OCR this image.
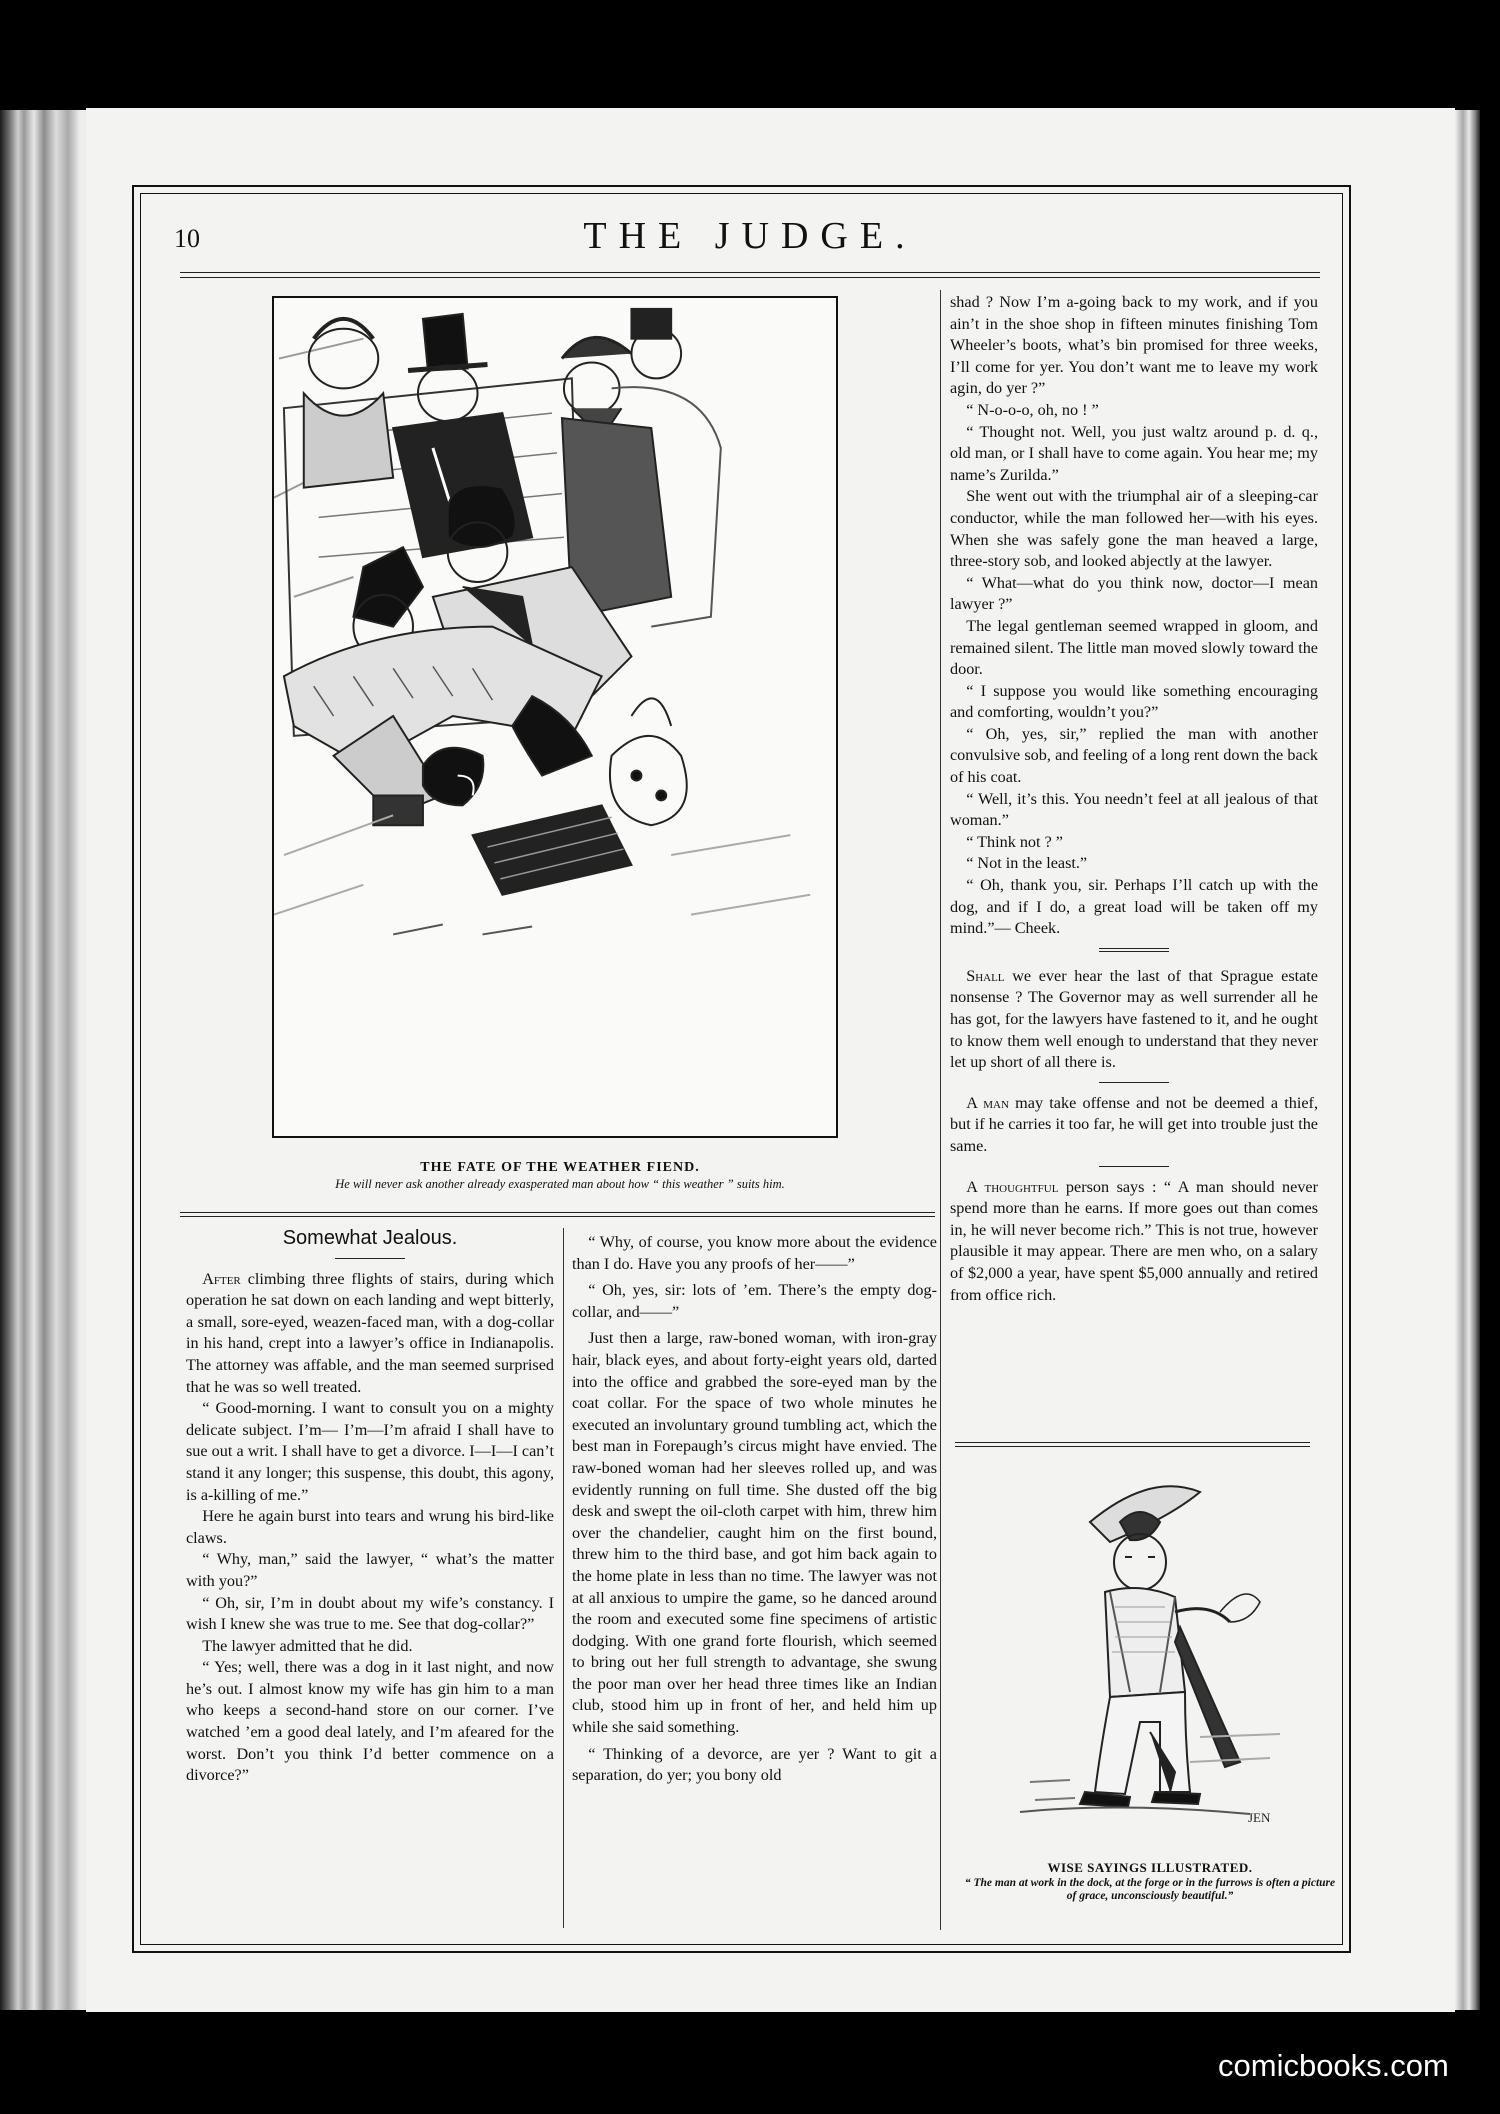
10	THE JUDGE.
THE FATE OF THE WEATHER FIEND.
He will never ask another already exasperated man about how “ this weather ” suits him.
Somewhat Jealous.

After climbing three flights of stairs, during which operation he sat down on each landing and wept bitterly, a small, sore-eyed, weazen-faced man, with a dog-collar in his hand, crept into a lawyer’s office in Indianapolis. The attorney was affable, and the man seemed surprised that he was so well treated.

“ Good-morning. I want to consult you on a mighty delicate subject. I’m— I’m—I’m afraid I shall have to sue out a writ. I shall have to get a divorce. I—I—I can’t stand it any longer; this suspense, this doubt, this agony, is a-killing of me.”

Here he again burst into tears and wrung his bird-like claws.

“ Why, man,” said the lawyer, “ what’s the matter with you?”

“ Oh, sir, I’m in doubt about my wife’s constancy. I wish I knew she was true to me. See that dog-collar?”

The lawyer admitted that he did.

“ Yes; well, there was a dog in it last night, and now he’s out. I almost know my wife has gin him to a man who keeps a second-hand store on our corner. I’ve watched ’em a good deal lately, and I’m afeared for the worst. Don’t you think I’d better commence on a divorce?”

“ Why, of course, you know more about the evidence than I do. Have you any proofs of her——”

“ Oh, yes, sir: lots of ’em. There’s the empty dog-collar, and——”

Just then a large, raw-boned woman, with iron-gray hair, black eyes, and about forty-eight years old, darted into the office and grabbed the sore-eyed man by the coat collar. For the space of two whole minutes he executed an involuntary ground tumbling act, which the best man in Forepaugh’s circus might have envied. The raw-boned woman had her sleeves rolled up, and was evidently running on full time. She dusted off the big desk and swept the oil-cloth carpet with him, threw him over the chandelier, caught him on the first bound, threw him to the third base, and got him back again to the home plate in less than no time. The lawyer was not at all anxious to umpire the game, so he danced around the room and executed some fine specimens of artistic dodging. With one grand forte flourish, which seemed to bring out her full strength to advantage, she swung the poor man over her head three times like an Indian club, stood him up in front of her, and held him up while she said something.

“ Thinking of a devorce, are yer ? Want to git a separation, do yer; you bony old

shad ? Now I’m a-going back to my work, and if you ain’t in the shoe shop in fifteen minutes finishing Tom Wheeler’s boots, what’s bin promised for three weeks, I’ll come for yer. You don’t want me to leave my work agin, do yer ?”

“ N-o-o-o, oh, no ! ”

“ Thought not. Well, you just waltz around p. d. q., old man, or I shall have to come again. You hear me; my name’s Zurilda.”

She went out with the triumphal air of a sleeping-car conductor, while the man followed her—with his eyes. When she was safely gone the man heaved a large, three-story sob, and looked abjectly at the lawyer.

“ What—what do you think now, doctor—I mean lawyer ?”

The legal gentleman seemed wrapped in gloom, and remained silent. The little man moved slowly toward the door.

“ I suppose you would like something encouraging and comforting, wouldn’t you?”

“ Oh, yes, sir,” replied the man with another convulsive sob, and feeling of a long rent down the back of his coat.

“ Well, it’s this. You needn’t feel at all jealous of that woman.”

“ Think not ? ”

“ Not in the least.”

“ Oh, thank you, sir. Perhaps I’ll catch up with the dog, and if I do, a great load will be taken off my mind.”— Cheek.

Shall we ever hear the last of that Sprague estate nonsense ? The Governor may as well surrender all he has got, for the lawyers have fastened to it, and he ought to know them well enough to understand that they never let up short of all there is.

A man may take offense and not be deemed a thief, but if he carries it too far, he will get into trouble just the same.

A thoughtful person says : “ A man should never spend more than he earns. If more goes out than comes in, he will never become rich.” This is not true, however plausible it may appear. There are men who, on a salary of $2,000 a year, have spent $5,000 annually and retired from office rich.

JEN
WISE SAYINGS ILLUSTRATED.
“ The man at work in the dock, at the forge or in the furrows is often a picture of grace, unconsciously beautiful.”
comicbooks.com
